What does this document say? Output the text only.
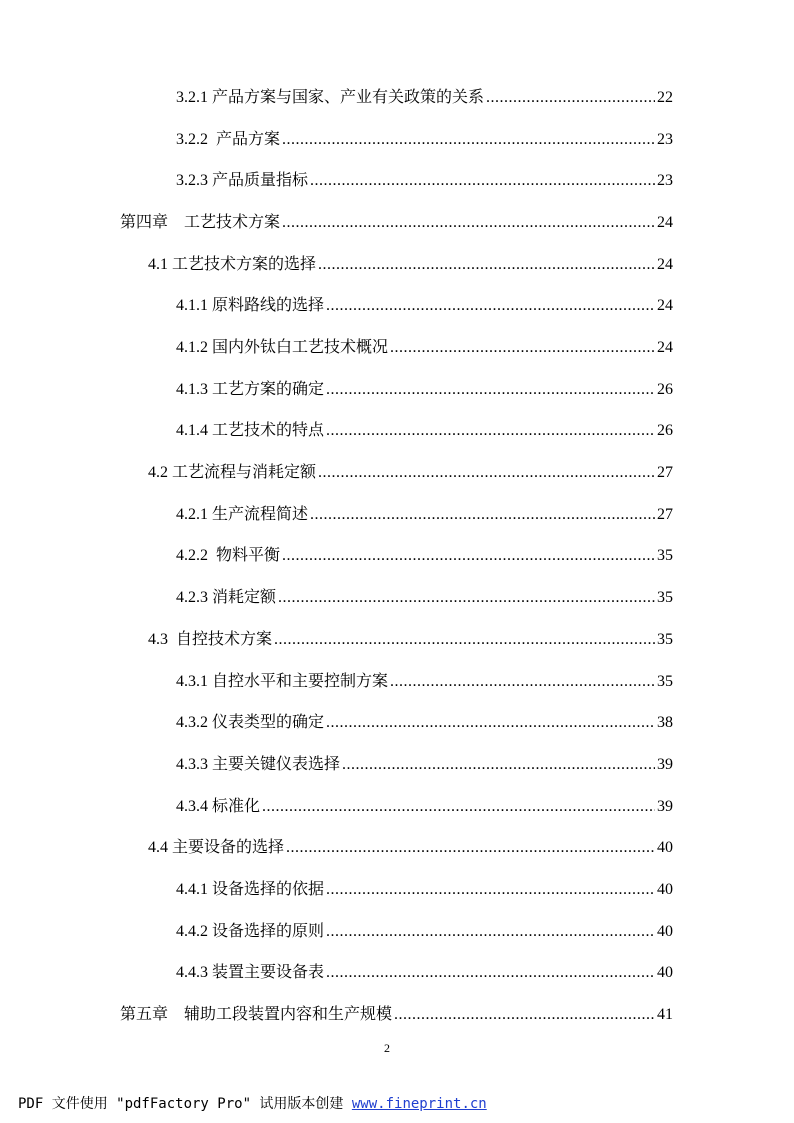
3.2.1 产品方案与国家、产业有关政策的关系 .....	22
3.2.2  产品方案 .....	23
3.2.3 产品质量指标 .....	23
第四章    工艺技术方案 .....	24
4.1 工艺技术方案的选择 .....	24
4.1.1 原料路线的选择 .....	24
4.1.2 国内外钛白工艺技术概况 .....	24
4.1.3 工艺方案的确定 .....	26
4.1.4 工艺技术的特点 .....	26
4.2 工艺流程与消耗定额 .....	27
4.2.1 生产流程简述 .....	27
4.2.2  物料平衡 .....	35
4.2.3 消耗定额 .....	35
4.3  自控技术方案 .....	35
4.3.1 自控水平和主要控制方案 .....	35
4.3.2 仪表类型的确定 .....	38
4.3.3 主要关键仪表选择 .....	39
4.3.4 标准化 .....	39
4.4 主要设备的选择 .....	40
4.4.1 设备选择的依据 .....	40
4.4.2 设备选择的原则 .....	40
4.4.3 装置主要设备表 .....	40
第五章    辅助工段装置内容和生产规模 .....	41
2
PDF 文件使用 "pdfFactory Pro" 试用版本创建 www.fineprint.cn
